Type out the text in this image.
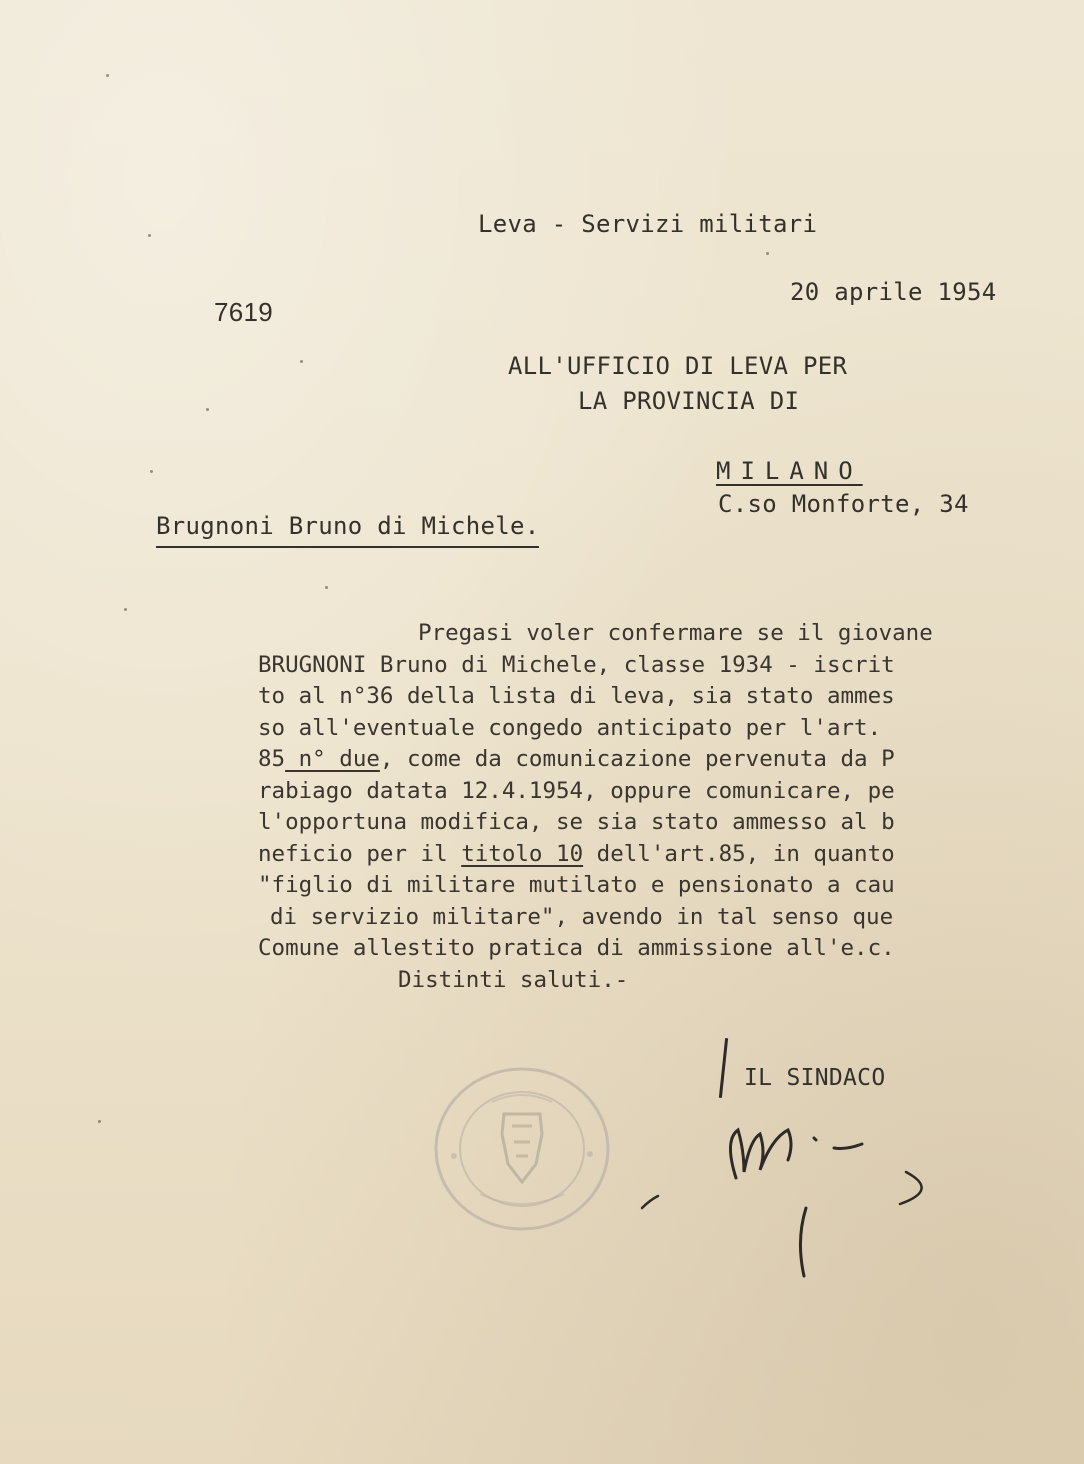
Leva - Servizi militari
20 aprile 1954
7619
ALL'UFFICIO DI LEVA PER
LA PROVINCIA DI
MILANO
C.so Monforte, 34
Brugnoni Bruno di Michele.
Pregasi voler confermare se il giovane
BRUGNONI Bruno di Michele, classe 1934 - iscrit
to al n°36 della lista di leva, sia stato ammes
so all'eventuale congedo anticipato per l'art.
85 n° due, come da comunicazione pervenuta da P
rabiago datata 12.4.1954, oppure comunicare, pe
l'opportuna modifica, se sia stato ammesso al b
neficio per il titolo 10 dell'art.85, in quanto
"figlio di militare mutilato e pensionato a cau
di servizio militare", avendo in tal senso que
Comune allestito pratica di ammissione all'e.c.
Distinti saluti.-
IL SINDACO
